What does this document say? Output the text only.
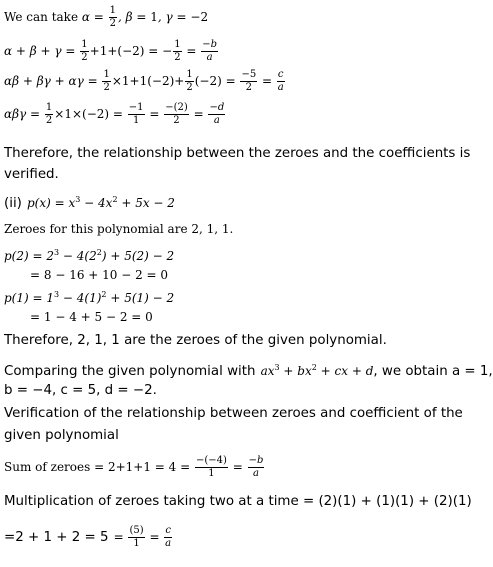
We can take $\alpha = \frac{1}{2}$ , β = 1, γ = −2
$\alpha + \beta + \gamma = \frac{1}{2} +1+(-2)$ = − $\frac{1}{2} = \frac{-b}{a}$
$\alpha\beta + \beta\gamma + \alpha\gamma = \frac{1}{2} \times 1+1(-2)+ \frac{1}{2} (-2) = \frac{-5}{2} = \frac{c}{a}$
$\alpha\beta\gamma = \frac{1}{2} \times 1\times(-2) = \frac{-1}{1} = \frac{-(2)}{2} = \frac{-d}{a}$
Therefore, the relationship between the zeroes and the coefficients is
verified.
(ii) $p(x) = x^3 - 4x^2 + 5x - 2$
Zeroes for this polynomial are 2, 1, 1.
$p(2) = 2^3 - 4(2^2) + 5(2) - 2$
= 8 − 16 + 10 − 2 = 0
$p(1) = 1^3 - 4(1)^2 + 5(1) - 2$
= 1 − 4 + 5 − 2 = 0
Therefore, 2, 1, 1 are the zeroes of the given polynomial.
Comparing the given polynomial with $ax^3 + bx^2$ + cx + d, we obtain a = 1,
b = −4, c = 5, d = −2.
Verification of the relationship between zeroes and coefficient of the
given polynomial
Sum of zeroes = $2+1+1 = 4 = \frac{-(-4)}{1} = \frac{-b}{a}$
Multiplication of zeroes taking two at a time = (2)(1) + (1)(1) + (2)(1)
$=2 + 1 + 2 = 5 = \frac{(5)}{1} = \frac{c}{a}$
